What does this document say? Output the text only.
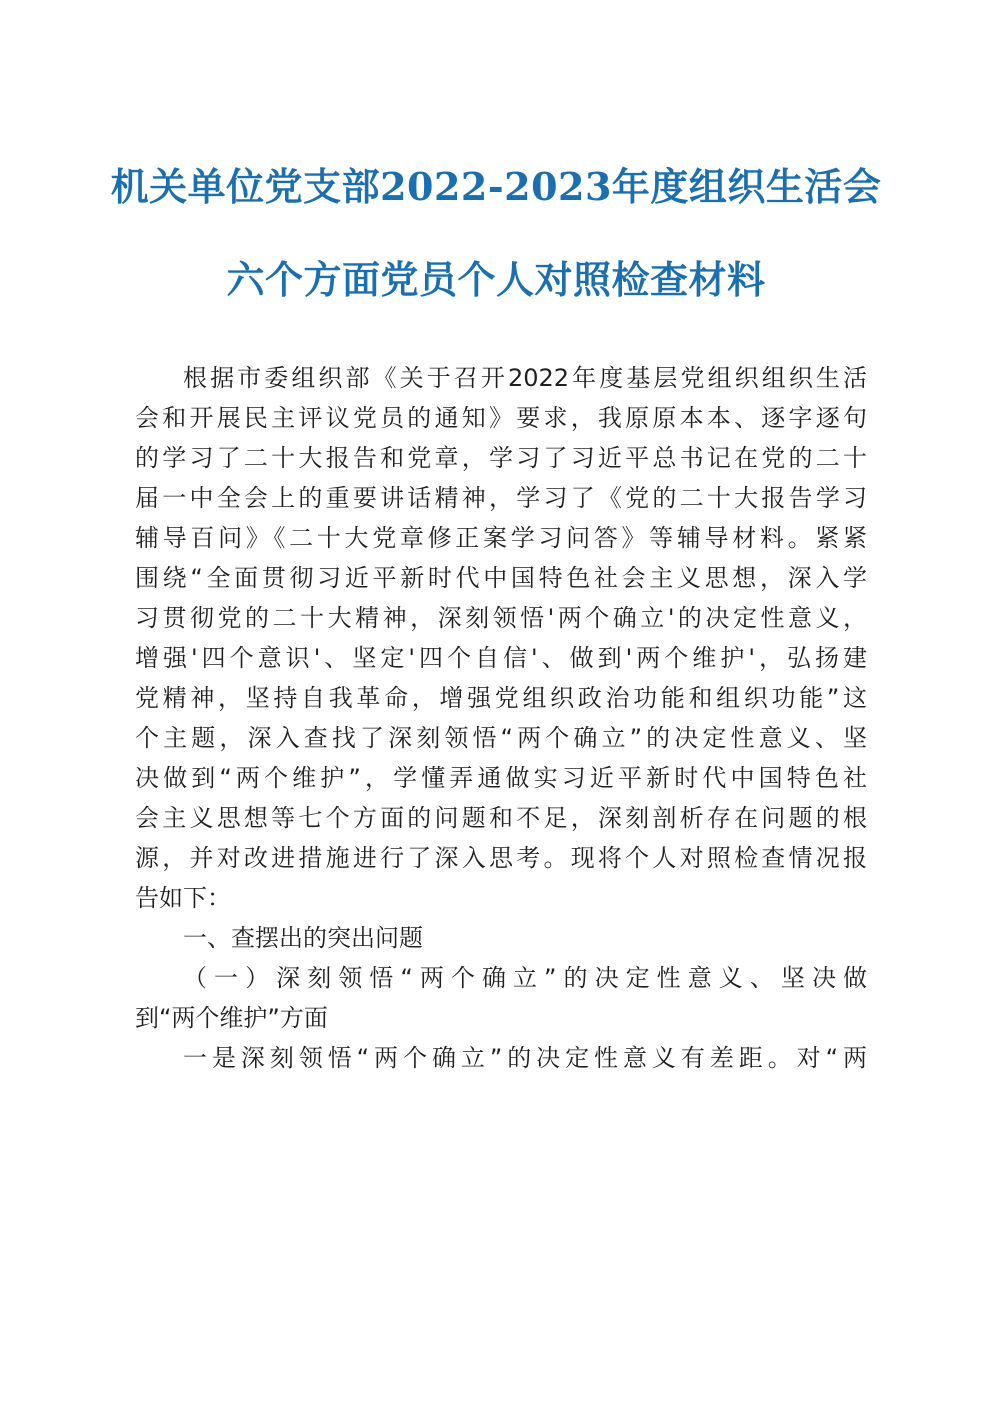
机关单位党支部2022-2023年度组织生活会
六个方面党员个人对照检查材料
根据市委组织部《关于召开2022年度基层党组织组织生活
会和开展民主评议党员的通知》要求，我原原本本、逐字逐句
的学习了二十大报告和党章，学习了习近平总书记在党的二十
届一中全会上的重要讲话精神，学习了《党的二十大报告学习
辅导百问》《二十大党章修正案学习问答》等辅导材料。紧紧
围绕“全面贯彻习近平新时代中国特色社会主义思想，深入学
习贯彻党的二十大精神，深刻领悟'两个确立'的决定性意义，
增强'四个意识'、坚定'四个自信'、做到'两个维护'，弘扬建
党精神，坚持自我革命，增强党组织政治功能和组织功能”这
个主题，深入查找了深刻领悟“两个确立”的决定性意义、坚
决做到“两个维护”，学懂弄通做实习近平新时代中国特色社
会主义思想等七个方面的问题和不足，深刻剖析存在问题的根
源，并对改进措施进行了深入思考。现将个人对照检查情况报
告如下：
一、查摆出的突出问题
（一）深刻领悟“两个确立”的决定性意义、坚决做
到“两个维护”方面
一是深刻领悟“两个确立”的决定性意义有差距。对“两
